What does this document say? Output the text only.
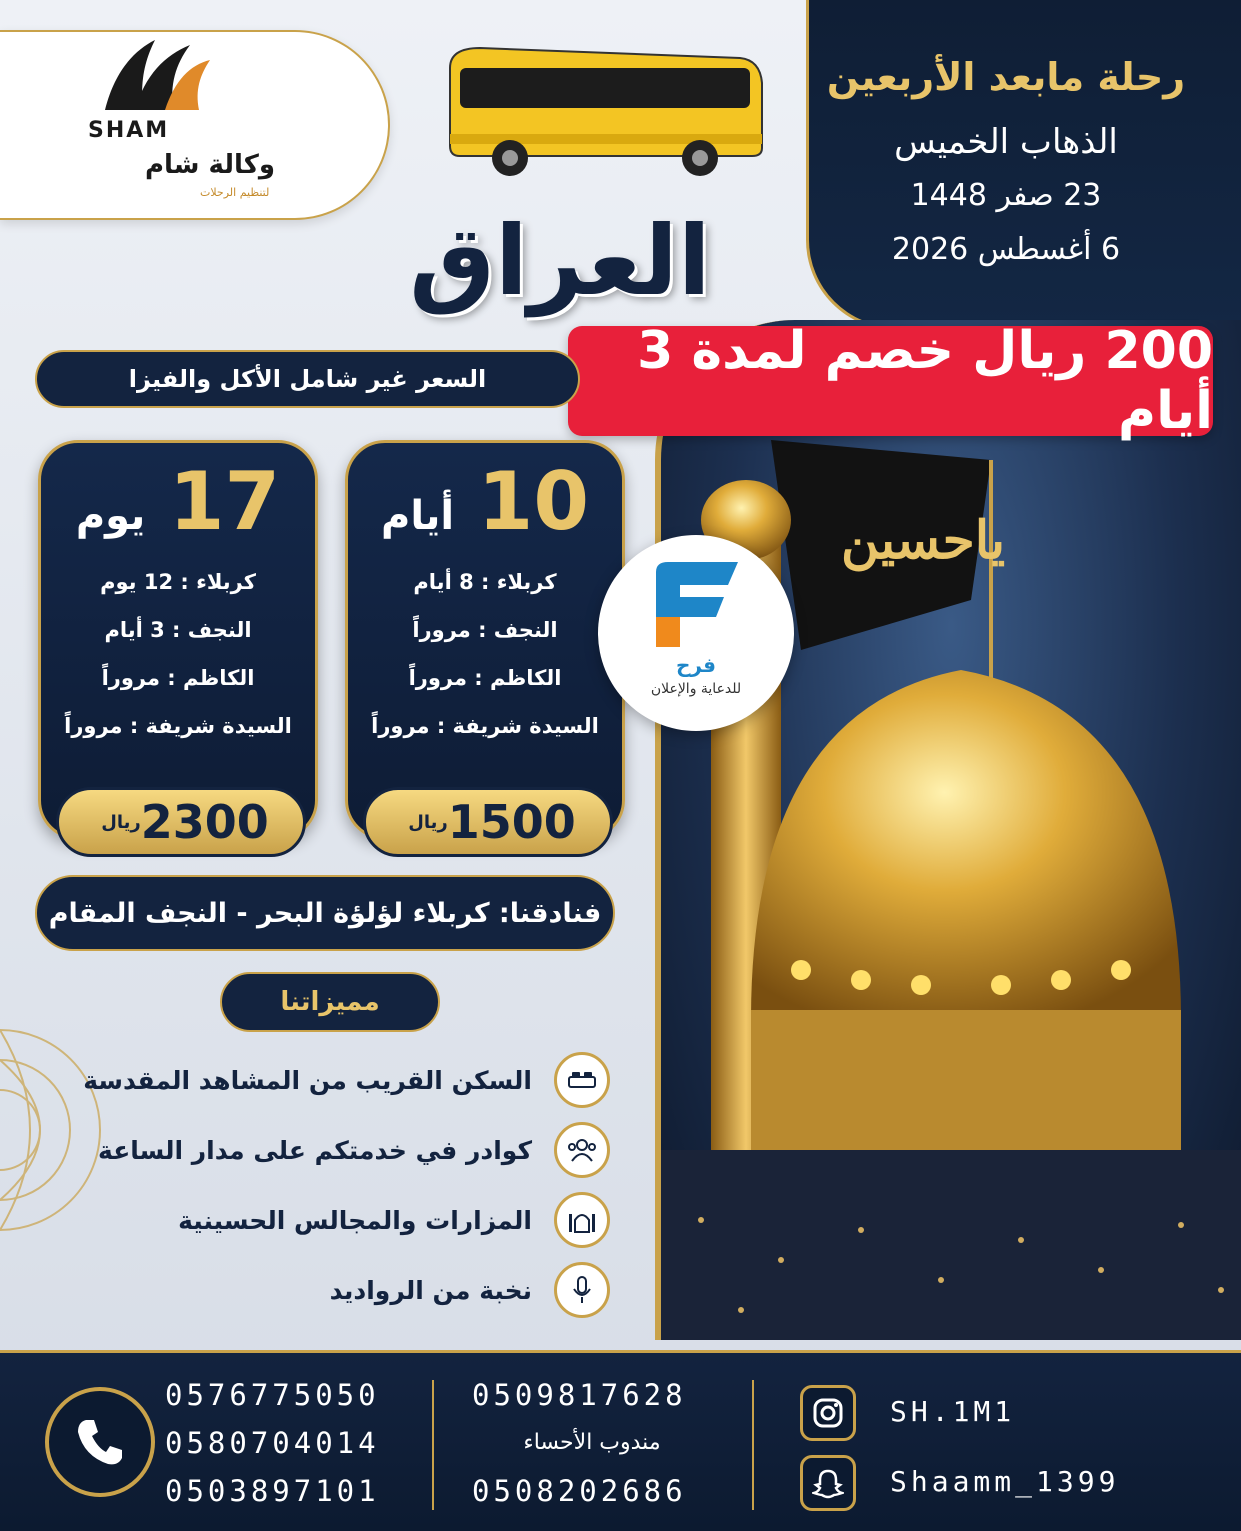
SHAM
وكالة شام
لتنظيم الرحلات
العراق
رحلة مابعد الأربعين
الذهاب الخميس
23 صفر 1448
6 أغسطس 2026
ياحسين
200 ريال خصم لمدة 3 أيام
السعر غير شامل الأكل والفيزا
10 أيام
كربلاء : 8 أيام
النجف : مروراً
الكاظم : مروراً
السيدة شريفة : مروراً
1500
ريال
17 يوم
كربلاء : 12 يوم
النجف : 3 أيام
الكاظم : مروراً
السيدة شريفة : مروراً
2300
ريال
فرح
للدعاية والإعلان
فنادقنا: كربلاء لؤلؤة البحر - النجف المقام
مميزاتنا
السكن القريب من المشاهد المقدسة
كوادر في خدمتكم على مدار الساعة
المزارات والمجالس الحسينية
نخبة من الرواديد
0576775050
0580704014
0503897101
0509817628
مندوب الأحساء
0508202686
SH.1M1
Shaamm_1399
